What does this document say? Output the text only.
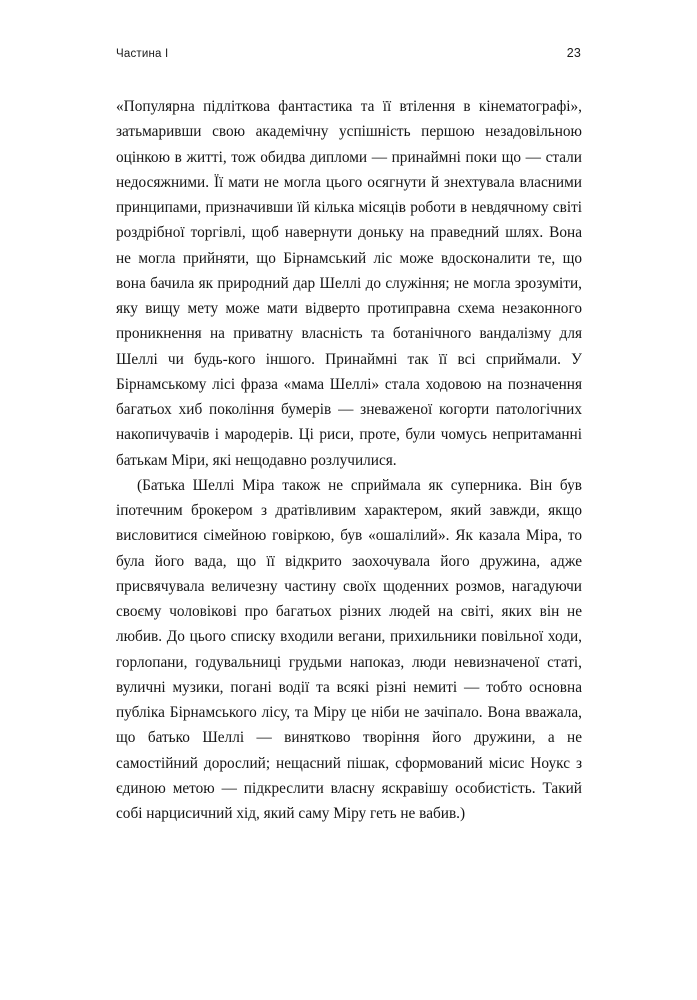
Частина I	23

«Популярна підліткова фантастика та її втілення в кінематографі», затьмаривши свою академічну успішність першою незадовільною оцінкою в житті, тож обидва дипломи — принаймні поки що — стали недосяжними. Її мати не могла цього осягнути й знехтувала власними принципами, призначивши їй кілька місяців роботи в невдячному світі роздрібної торгівлі, щоб навернути доньку на праведний шлях. Вона не могла прийняти, що Бірнамський ліс може вдосконалити те, що вона бачила як природний дар Шеллі до служіння; не могла зрозуміти, яку вищу мету може мати відверто протиправна схема незаконного проникнення на приватну власність та ботанічного вандалізму для Шеллі чи будь-кого іншого. Принаймні так її всі сприймали. У Бірнамському лісі фраза «мама Шеллі» стала ходовою на позначення багатьох хиб покоління бумерів — зневаженої когорти патологічних накопичувачів і мародерів. Ці риси, проте, були чомусь непритаманні батькам Міри, які нещодавно розлучилися.

(Батька Шеллі Міра також не сприймала як суперника. Він був іпотечним брокером з дратівливим характером, який завжди, якщо висловитися сімейною говіркою, був «ошалілий». Як казала Міра, то була його вада, що її відкрито заохочувала його дружина, адже присвячувала величезну частину своїх щоденних розмов, нагадуючи своєму чоловікові про багатьох різних людей на світі, яких він не любив. До цього списку входили вегани, прихильники повільної ходи, горлопани, годувальниці грудьми напоказ, люди невизначеної статі, вуличні музики, погані водії та всякі різні немитi — тобто основна публіка Бірнамського лісу, та Міру це ніби не зачіпало. Вона вважала, що батько Шеллі — винятково творіння його дружини, а не самостійний дорослий; нещасний пішак, сформований місис Ноукс з єдиною метою — підкреслити власну яскравішу особистість. Такий собі нарцисичний хід, який саму Міру геть не вабив.)
